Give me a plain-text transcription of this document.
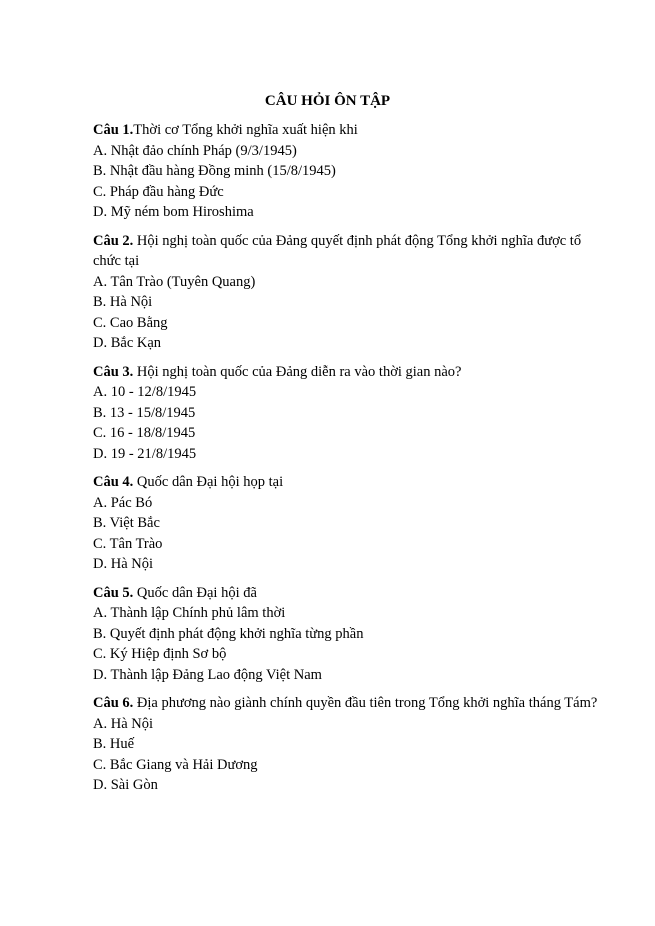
CÂU HỎI ÔN TẬP
Câu 1.Thời cơ Tổng khởi nghĩa xuất hiện khi
A. Nhật đảo chính Pháp (9/3/1945)
B. Nhật đầu hàng Đồng minh (15/8/1945)
C. Pháp đầu hàng Đức
D. Mỹ ném bom Hiroshima
Câu 2. Hội nghị toàn quốc của Đảng quyết định phát động Tổng khởi nghĩa được tổ chức tại
A. Tân Trào (Tuyên Quang)
B. Hà Nội
C. Cao Bằng
D. Bắc Kạn
Câu 3. Hội nghị toàn quốc của Đảng diễn ra vào thời gian nào?
A. 10 - 12/8/1945
B. 13 - 15/8/1945
C. 16 - 18/8/1945
D. 19 - 21/8/1945
Câu 4. Quốc dân Đại hội họp tại
A. Pác Bó
B. Việt Bắc
C. Tân Trào
D. Hà Nội
Câu 5. Quốc dân Đại hội đã
A. Thành lập Chính phủ lâm thời
B. Quyết định phát động khởi nghĩa từng phần
C. Ký Hiệp định Sơ bộ
D. Thành lập Đảng Lao động Việt Nam
Câu 6. Địa phương nào giành chính quyền đầu tiên trong Tổng khởi nghĩa tháng Tám?
A. Hà Nội
B. Huế
C. Bắc Giang và Hải Dương
D. Sài Gòn
